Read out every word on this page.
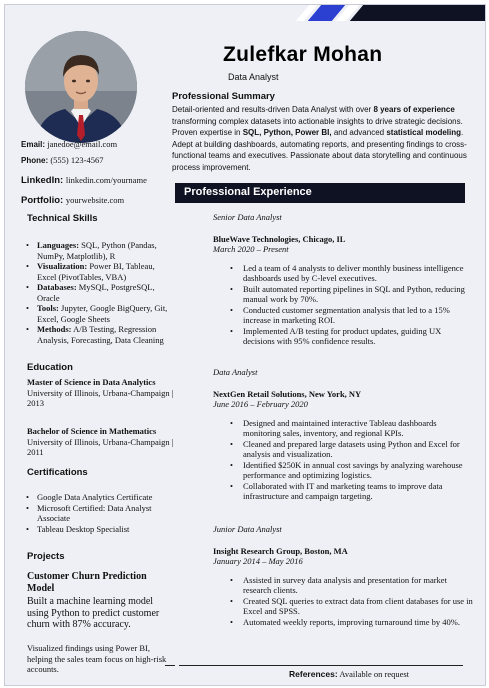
Zulefkar Mohan
Data Analyst
Professional Summary
Detail-oriented and results-driven Data Analyst with over 8 years of experience transforming complex datasets into actionable insights to drive strategic decisions. Proven expertise in SQL, Python, Power BI, and advanced statistical modeling. Adept at building dashboards, automating reports, and presenting findings to cross-functional teams and executives. Passionate about data storytelling and continuous process improvement.
Email: janedoe@email.com
Phone: (555) 123-4567
LinkedIn: linkedin.com/yourname
Portfolio: yourwebsite.com
Professional Experience
Technical Skills
• Languages: SQL, Python (Pandas, NumPy, Matplotlib), R
• Visualization: Power BI, Tableau, Excel (PivotTables, VBA)
• Databases: MySQL, PostgreSQL, Oracle
• Tools: Jupyter, Google BigQuery, Git, Excel, Google Sheets
• Methods: A/B Testing, Regression Analysis, Forecasting, Data Cleaning
Education
Master of Science in Data Analytics
University of Illinois, Urbana-Champaign | 2013
Bachelor of Science in Mathematics
University of Illinois, Urbana-Champaign | 2011
Certifications
• Google Data Analytics Certificate
• Microsoft Certified: Data Analyst Associate
• Tableau Desktop Specialist
Projects
Customer Churn Prediction Model
Built a machine learning model using Python to predict customer churn with 87% accuracy.
Visualized findings using Power BI, helping the sales team focus on high-risk accounts.
Senior Data Analyst
BlueWave Technologies, Chicago, IL
March 2020 – Present
• Led a team of 4 analysts to deliver monthly business intelligence dashboards used by C-level executives.
• Built automated reporting pipelines in SQL and Python, reducing manual work by 70%.
• Conducted customer segmentation analysis that led to a 15% increase in marketing ROI.
• Implemented A/B testing for product updates, guiding UX decisions with 95% confidence results.
Data Analyst
NextGen Retail Solutions, New York, NY
June 2016 – February 2020
• Designed and maintained interactive Tableau dashboards monitoring sales, inventory, and regional KPIs.
• Cleaned and prepared large datasets using Python and Excel for analysis and visualization.
• Identified $250K in annual cost savings by analyzing warehouse performance and optimizing logistics.
• Collaborated with IT and marketing teams to improve data infrastructure and campaign targeting.
Junior Data Analyst
Insight Research Group, Boston, MA
January 2014 – May 2016
• Assisted in survey data analysis and presentation for market research clients.
• Created SQL queries to extract data from client databases for use in Excel and SPSS.
• Automated weekly reports, improving turnaround time by 40%.
References: Available on request
